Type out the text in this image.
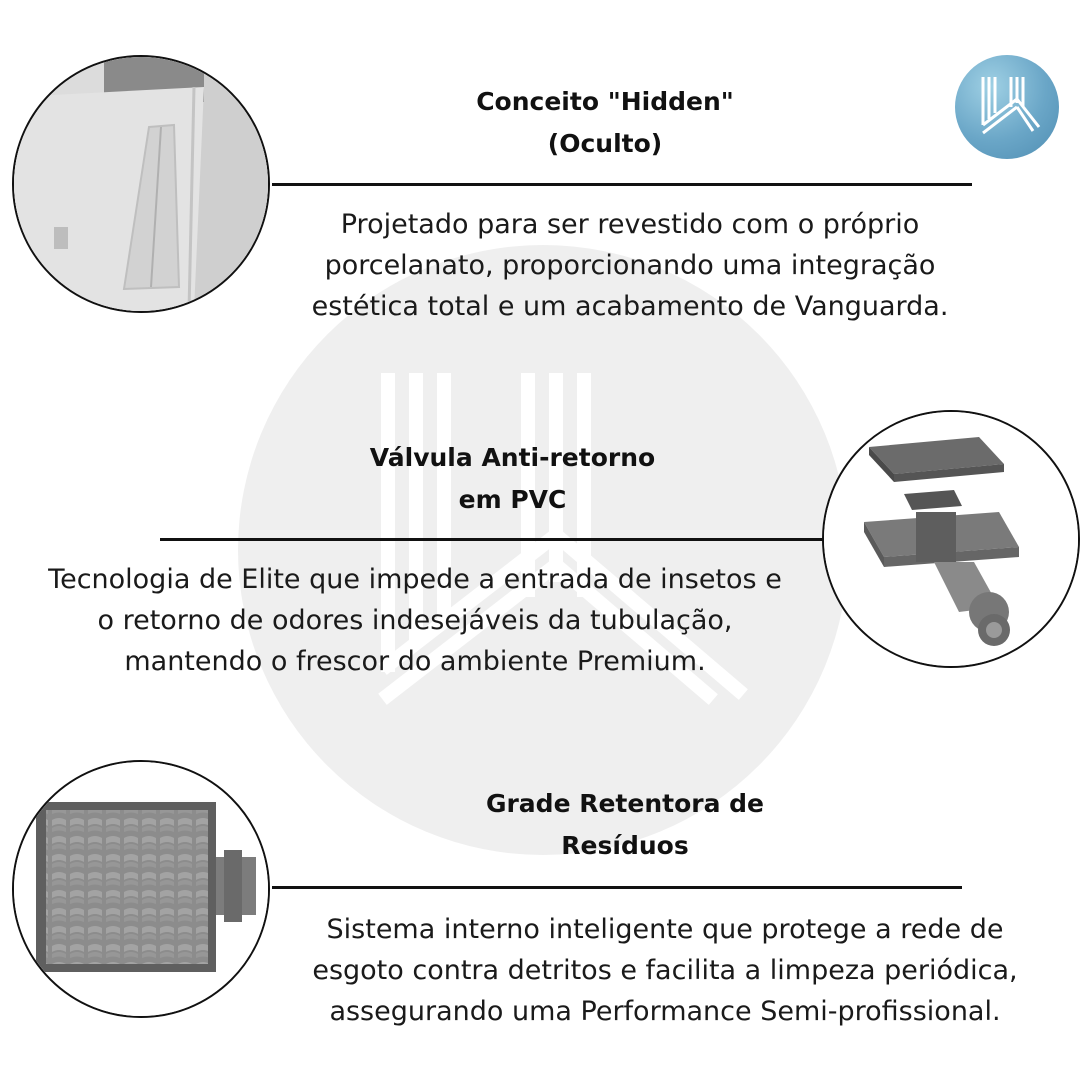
Conceito "Hidden"
(Oculto)

Projetado para ser revestido com o próprio
porcelanato, proporcionando uma integração
estética total e um acabamento de Vanguarda.

Válvula Anti-retorno
em PVC

Tecnologia de Elite que impede a entrada de insetos e
o retorno de odores indesejáveis da tubulação,
mantendo o frescor do ambiente Premium.

Grade Retentora de
Resíduos

Sistema interno inteligente que protege a rede de
esgoto contra detritos e facilita a limpeza periódica,
assegurando uma Performance Semi-profissional.
